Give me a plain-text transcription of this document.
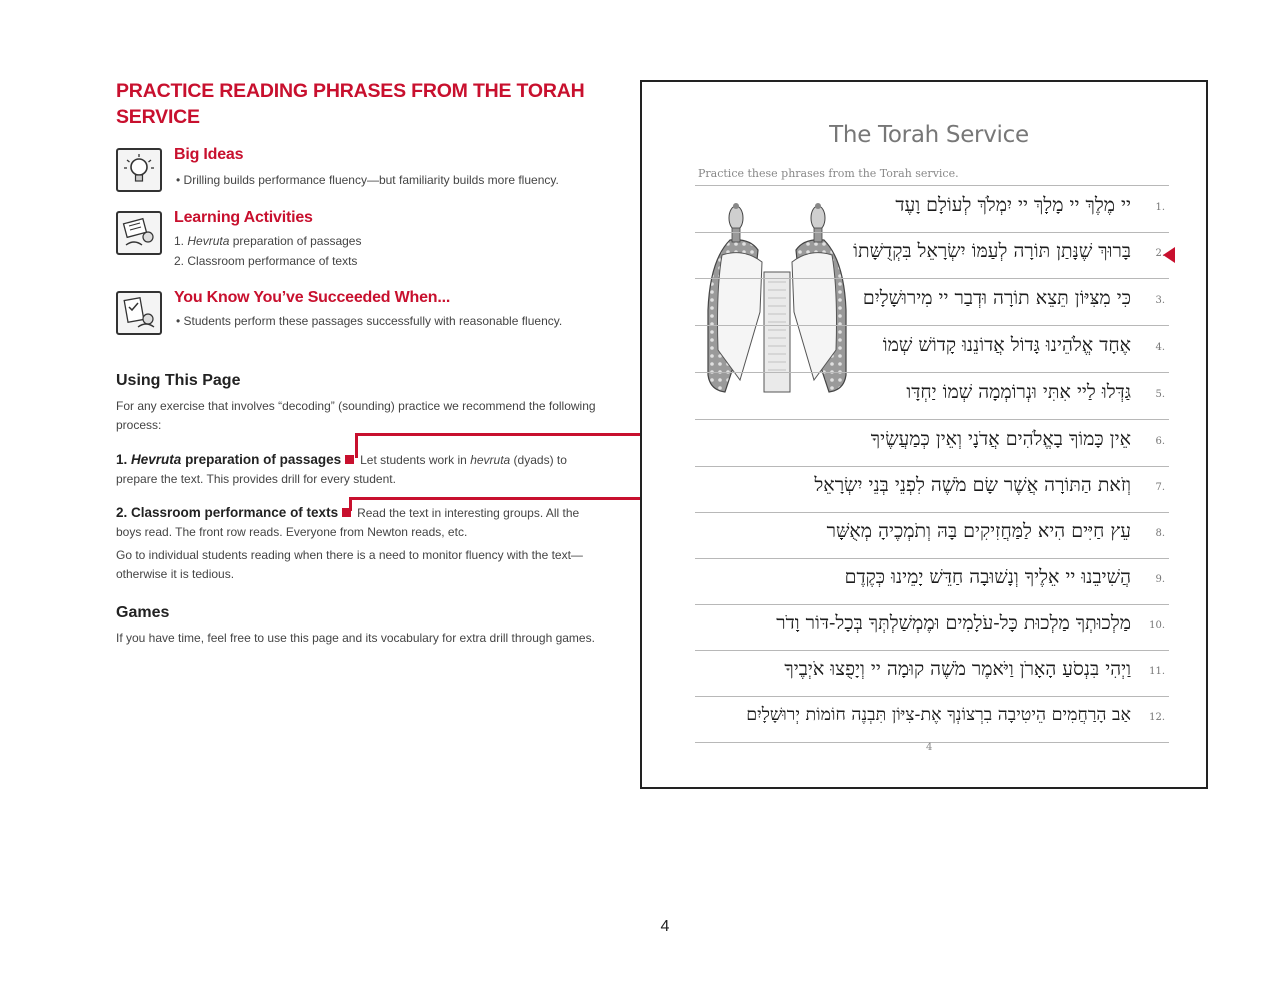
PRACTICE READING PHRASES FROM THE TORAH SERVICE
Big Ideas
• Drilling builds performance fluency—but familiarity builds more fluency.
Learning Activities
1. Hevruta preparation of passages
2. Classroom performance of texts
You Know You’ve Succeeded When...
• Students perform these passages successfully with reasonable fluency.
Using This Page
For any exercise that involves “decoding” (sounding) practice we recommend the following process:
1. Hevruta preparation of passages Let students work in hevruta (dyads) to prepare the text. This provides drill for every student.
2. Classroom performance of texts Read the text in interesting groups. All the boys read. The front row reads. Everyone from Newton reads, etc.
Go to individual students reading when there is a need to monitor fluency with the text—otherwise it is tedious.
Games
If you have time, feel free to use this page and its vocabulary for extra drill through games.
The Torah Service
Practice these phrases from the Torah service.
יי מֶלֶךְ יי מָלָךְ יי יִמְלֹךְ לְעוֹלָם וָעֶד 1.
בָּרוּךְ שֶׁנָּתַן תּוֹרָה לְעַמּוֹ יִשְׂרָאֵל בִּקְדֻשָּׁתוֹ 2.
כִּי מִצִּיּוֹן תֵּצֵא תוֹרָה וּדְבַר יי מִירוּשָׁלָיִם 3.
אֶחָד אֱלֹהֵינוּ גָּדוֹל אֲדוֹנֵנוּ קָדוֹשׁ שְׁמוֹ 4.
גַּדְּלוּ לַיי אִתִּי וּנְרוֹמְמָה שְׁמוֹ יַחְדָּו 5.
אֵין כָּמוֹךָ בָאֱלֹהִים אֲדֹנָי וְאֵין כְּמַעֲשֶׂיךָ 6.
וְזֹאת הַתּוֹרָה אֲשֶׁר שָׂם מֹשֶׁה לִפְנֵי בְּנֵי יִשְׂרָאֵל 7.
עֵץ חַיִּים הִיא לַמַּחֲזִיקִים בָּהּ וְתֹמְכֶיהָ מְאֻשָּׁר 8.
הֲשִׁיבֵנוּ יי אֵלֶיךָ וְנָשׁוּבָה חַדֵּשׁ יָמֵינוּ כְּקֶדֶם 9.
מַלְכוּתְךָ מַלְכוּת כָּל-עֹלָמִים וּמֶמְשַׁלְתְּךָ בְּכָל-דּוֹר וָדֹר 10.
וַיְהִי בִּנְסֹעַ הָאָרֹן וַיֹּאמֶר מֹשֶׁה קוּמָה יי וְיָפֻצוּ אֹיְבֶיךָ 11.
אַב הָרַחֲמִים הֵיטִיבָה בִרְצוֹנְךָ אֶת-צִיּוֹן תִּבְנֶה חוֹמוֹת יְרוּשָׁלָיִם 12.
4
4
